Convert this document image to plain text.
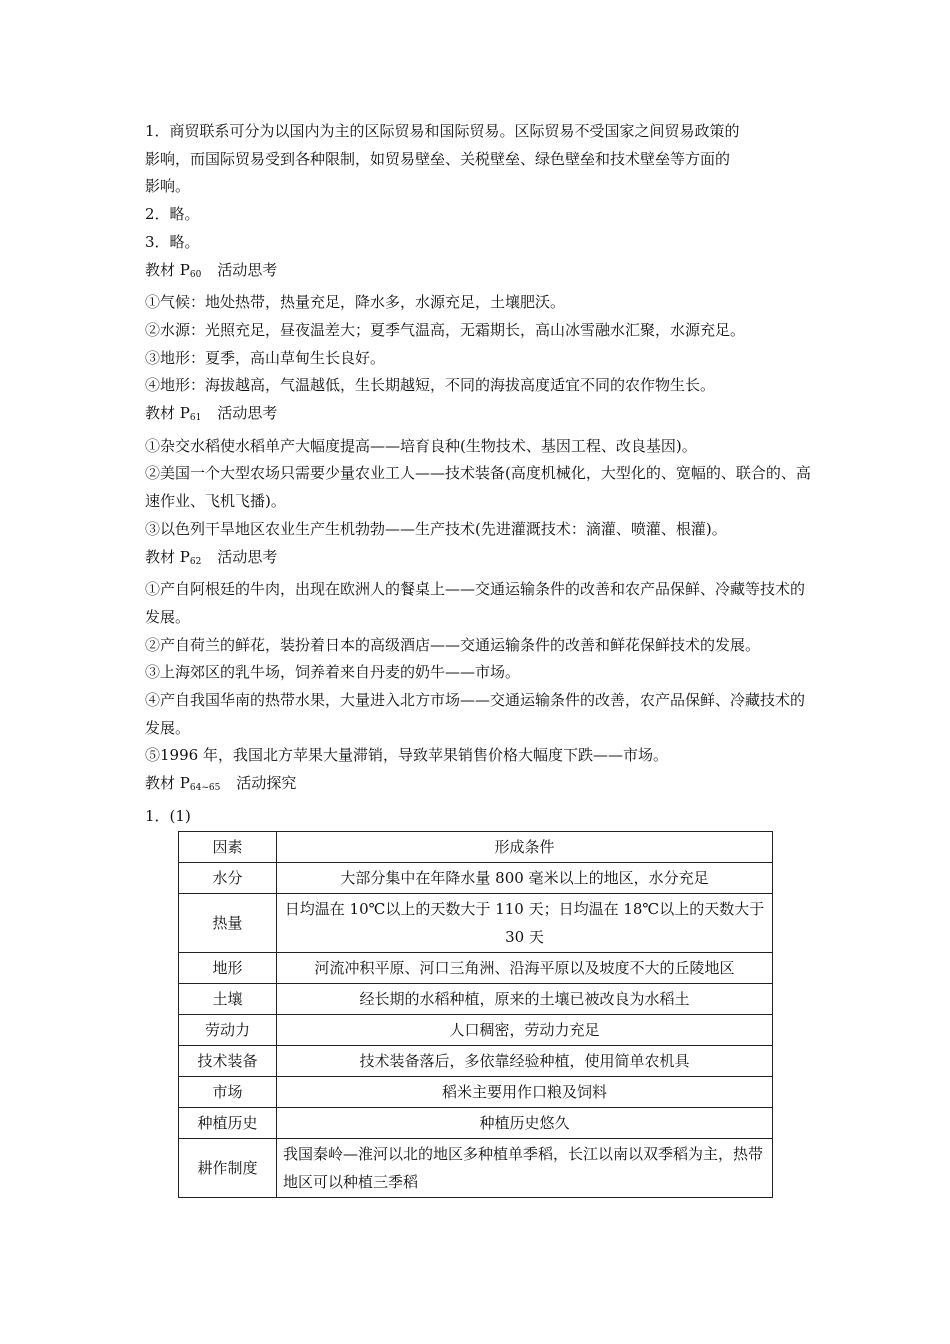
1．商贸联系可分为以国内为主的区际贸易和国际贸易。区际贸易不受国家之间贸易政策的
影响，而国际贸易受到各种限制，如贸易壁垒、关税壁垒、绿色壁垒和技术壁垒等方面的
影响。
2．略。
3．略。
教材 $P_{60}$ 活动思考
①气候：地处热带，热量充足，降水多，水源充足，土壤肥沃。
②水源：光照充足，昼夜温差大；夏季气温高，无霜期长，高山冰雪融水汇聚，水源充足。
③地形：夏季，高山草甸生长良好。
④地形：海拔越高，气温越低，生长期越短，不同的海拔高度适宜不同的农作物生长。
教材 $P_{61}$ 活动思考
①杂交水稻使水稻单产大幅度提高——培育良种(生物技术、基因工程、改良基因)。
②美国一个大型农场只需要少量农业工人——技术装备(高度机械化，大型化的、宽幅的、联合的、高速作业、飞机飞播)。
③以色列干旱地区农业生产生机勃勃——生产技术(先进灌溉技术：滴灌、喷灌、根灌)。
教材 $P_{62}$ 活动思考
①产自阿根廷的牛肉，出现在欧洲人的餐桌上——交通运输条件的改善和农产品保鲜、冷藏等技术的发展。
②产自荷兰的鲜花，装扮着日本的高级酒店——交通运输条件的改善和鲜花保鲜技术的发展。
③上海郊区的乳牛场，饲养着来自丹麦的奶牛——市场。
④产自我国华南的热带水果，大量进入北方市场——交通运输条件的改善，农产品保鲜、冷藏技术的发展。
⑤1996 年，我国北方苹果大量滞销，导致苹果销售价格大幅度下跌——市场。
教材 $P_{64\sim 65}$ 活动探究
1．(1)
因素	形成条件
水分	大部分集中在年降水量 800 毫米以上的地区，水分充足
热量	日均温在 10℃以上的天数大于 110 天；日均温在 18℃以上的天数大于 30 天
地形	河流冲积平原、河口三角洲、沿海平原以及坡度不大的丘陵地区
土壤	经长期的水稻种植，原来的土壤已被改良为水稻土
劳动力	人口稠密，劳动力充足
技术装备	技术装备落后，多依靠经验种植，使用简单农机具
市场	稻米主要用作口粮及饲料
种植历史	种植历史悠久
耕作制度	我国秦岭—淮河以北的地区多种植单季稻，长江以南以双季稻为主，热带地区可以种植三季稻
